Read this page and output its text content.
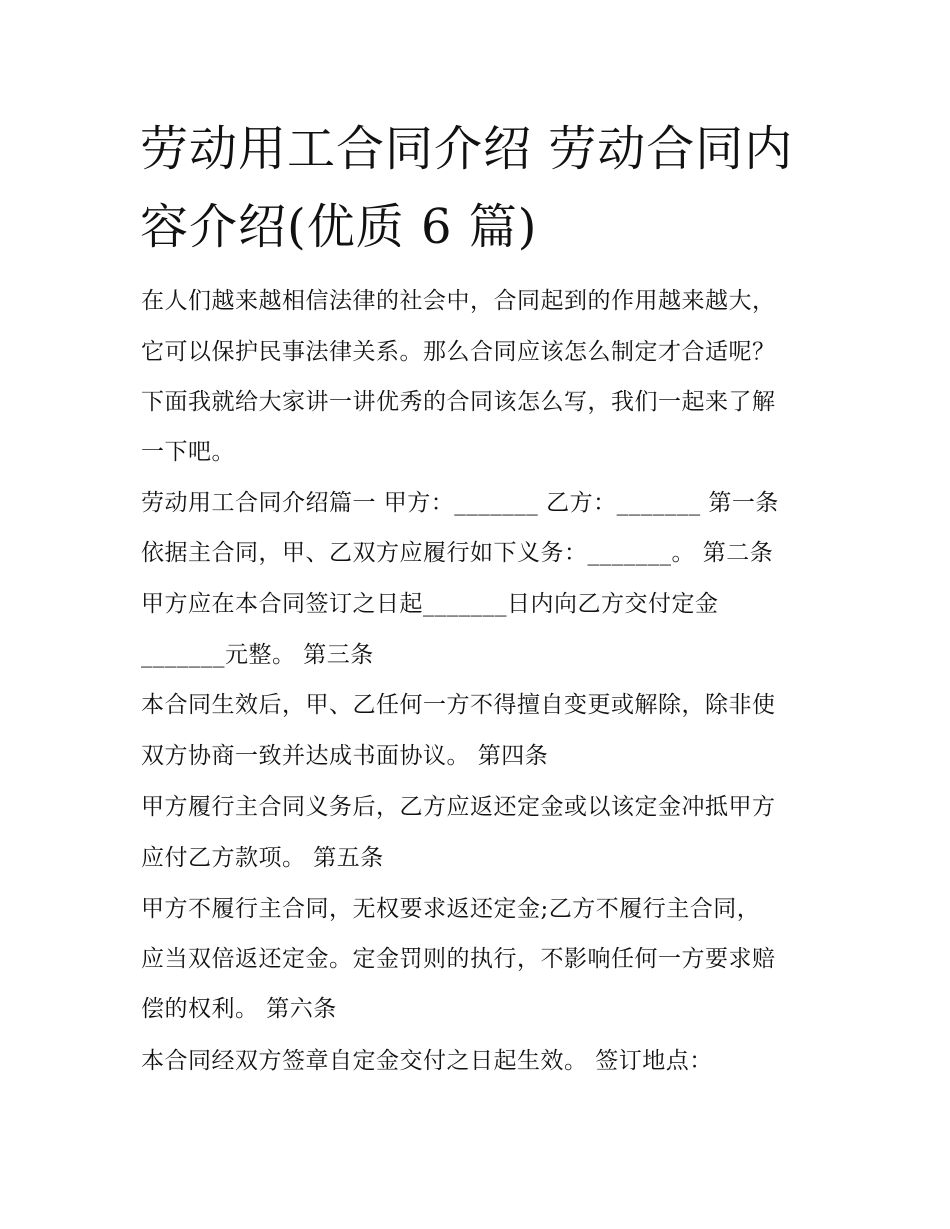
劳动用工合同介绍 劳动合同内容介绍(优质 6 篇)
在人们越来越相信法律的社会中，合同起到的作用越来越大，
它可以保护民事法律关系。那么合同应该怎么制定才合适呢？
下面我就给大家讲一讲优秀的合同该怎么写，我们一起来了解
一下吧。
劳动用工合同介绍篇一 甲方：_______ 乙方：_______ 第一条
依据主合同，甲、乙双方应履行如下义务：_______。 第二条
甲方应在本合同签订之日起_______日内向乙方交付定金
_______元整。 第三条
本合同生效后，甲、乙任何一方不得擅自变更或解除，除非使
双方协商一致并达成书面协议。 第四条
甲方履行主合同义务后，乙方应返还定金或以该定金冲抵甲方
应付乙方款项。 第五条
甲方不履行主合同，无权要求返还定金;乙方不履行主合同，
应当双倍返还定金。定金罚则的执行，不影响任何一方要求赔
偿的权利。 第六条
本合同经双方签章自定金交付之日起生效。 签订地点：
